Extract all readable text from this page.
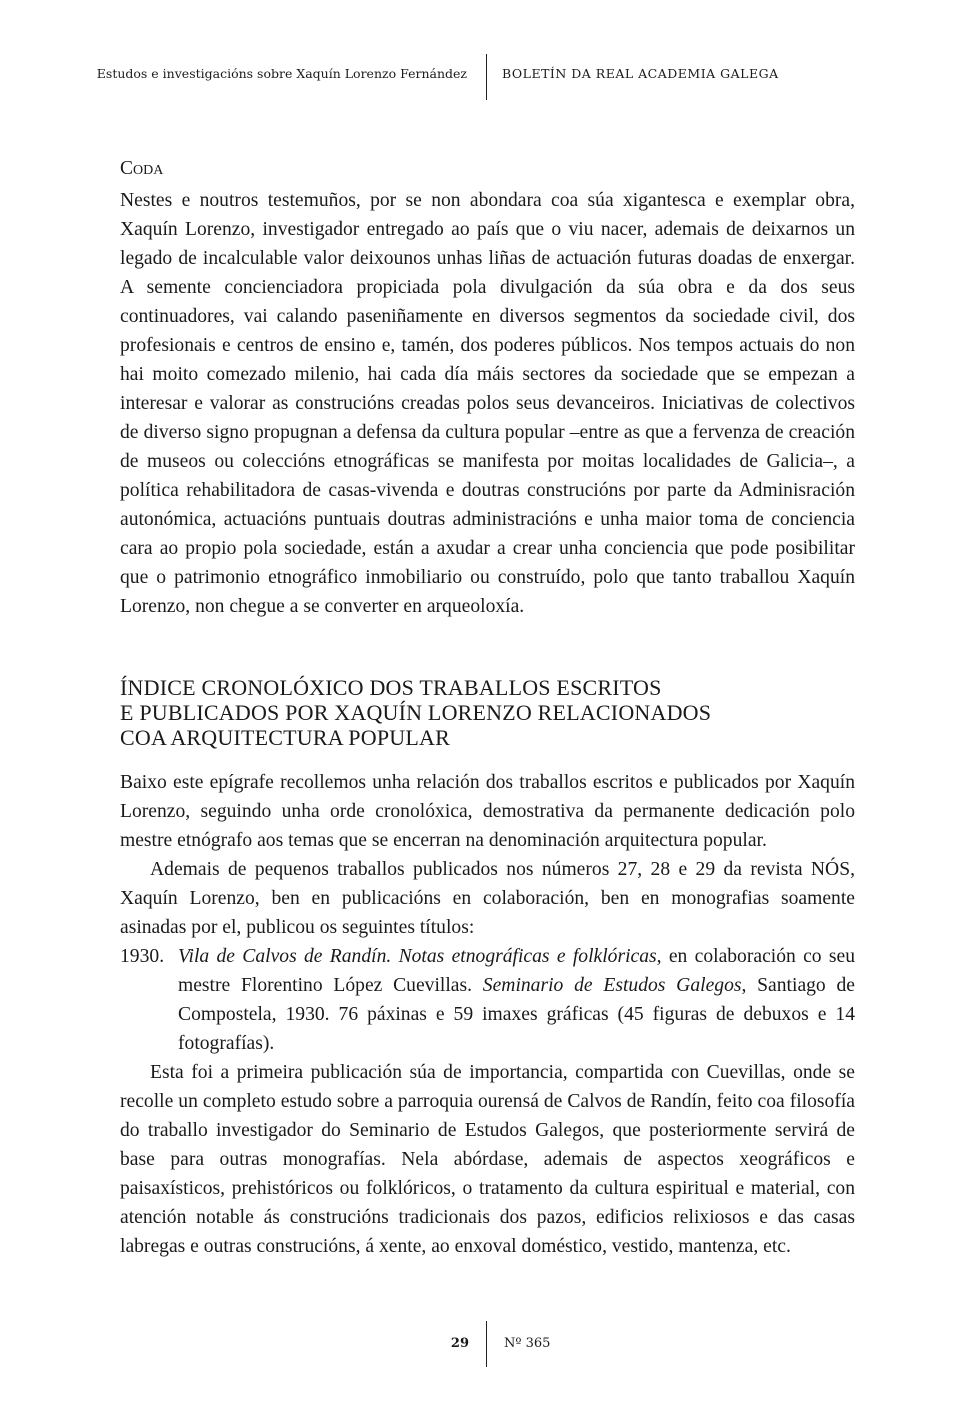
Estudos e investigacións sobre Xaquín Lorenzo Fernández	BOLETÍN DA REAL ACADEMIA GALEGA
Coda

Nestes e noutros testemuños, por se non abondara coa súa xigantesca e exemplar obra, Xaquín Lorenzo, investigador entregado ao país que o viu nacer, ademais de deixarnos un legado de incalculable valor deixounos unhas liñas de actuación futuras doadas de enxergar. A semente concienciadora propiciada pola divulgación da súa obra e da dos seus continuadores, vai calando paseniñamente en diversos segmentos da sociedade civil, dos profesionais e centros de ensino e, tamén, dos poderes públicos. Nos tempos actuais do non hai moito comezado milenio, hai cada día máis sectores da sociedade que se empezan a interesar e valorar as construcións creadas polos seus devanceiros. Iniciativas de colectivos de diverso signo propugnan a defensa da cultura popular –entre as que a fervenza de creación de museos ou coleccións etnográficas se manifesta por moitas localidades de Galicia–, a política rehabilitadora de casas-vivenda e doutras construcións por parte da Adminisración autonómica, actuacións puntuais doutras administracións e unha maior toma de conciencia cara ao propio pola sociedade, están a axudar a crear unha conciencia que pode posibilitar que o patrimonio etnográfico inmobiliario ou construído, polo que tanto traballou Xaquín Lorenzo, non chegue a se converter en arqueoloxía.

ÍNDICE CRONOLÓXICO DOS TRABALLOS ESCRITOS
E PUBLICADOS POR XAQUÍN LORENZO RELACIONADOS
COA ARQUITECTURA POPULAR

Baixo este epígrafe recollemos unha relación dos traballos escritos e publicados por Xaquín Lorenzo, seguindo unha orde cronolóxica, demostrativa da permanente dedicación polo mestre etnógrafo aos temas que se encerran na denominación arquitectura popular.

Ademais de pequenos traballos publicados nos números 27, 28 e 29 da revista NÓS, Xaquín Lorenzo, ben en publicacións en colaboración, ben en monografias soamente asinadas por el, publicou os seguintes títulos:

1930. Vila de Calvos de Randín. Notas etnográficas e folklóricas, en colaboración co seu mestre Florentino López Cuevillas. Seminario de Estudos Galegos, Santiago de Compostela, 1930. 76 páxinas e 59 imaxes gráficas (45 figuras de debuxos e 14 fotografías).

Esta foi a primeira publicación súa de importancia, compartida con Cuevillas, onde se recolle un completo estudo sobre a parroquia ourensá de Calvos de Randín, feito coa filosofía do traballo investigador do Seminario de Estudos Galegos, que posteriormente servirá de base para outras monografías. Nela abórdase, ademais de aspectos xeográficos e paisaxísticos, prehistóricos ou folklóricos, o tratamento da cultura espiritual e material, con atención notable ás construcións tradicionais dos pazos, edificios relixiosos e das casas labregas e outras construcións, á xente, ao enxoval doméstico, vestido, mantenza, etc.

29	Nº 365
